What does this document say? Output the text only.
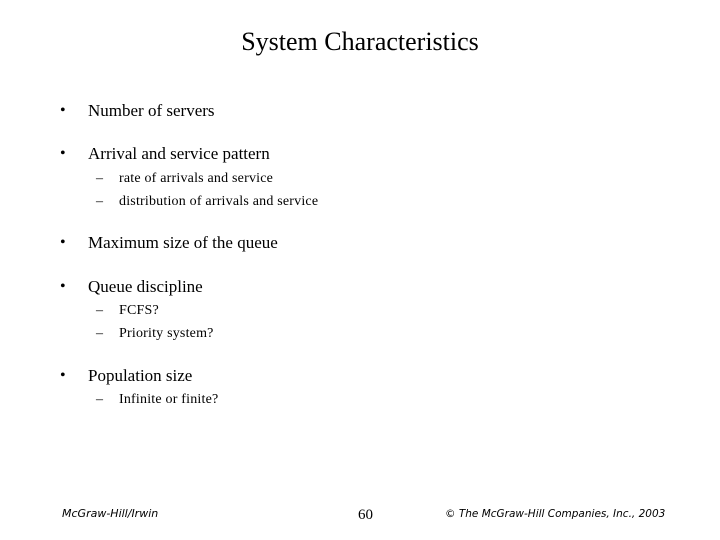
System Characteristics
• Number of servers
• Arrival and service pattern
– rate of arrivals and service
– distribution of arrivals and service
• Maximum size of the queue
• Queue discipline
– FCFS?
– Priority system?
• Population size
– Infinite or finite?
McGraw-Hill/Irwin	60	© The McGraw-Hill Companies, Inc., 2003
